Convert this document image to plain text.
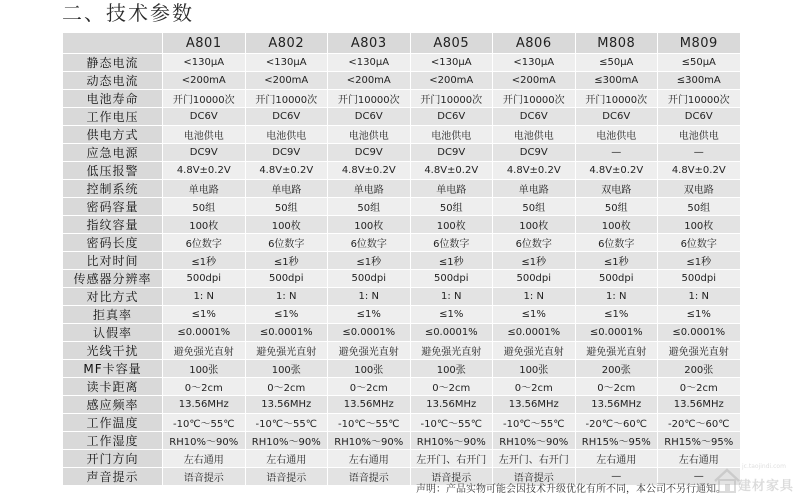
二、技术参数
	A801	A802	A803	A805	A806	M808	M809
静态电流	<130μA	<130μA	<130μA	<130μA	<130μA	≤50μA	≤50μA
动态电流	<200mA	<200mA	<200mA	<200mA	<200mA	≤300mA	≤300mA
电池寿命	开门10000次	开门10000次	开门10000次	开门10000次	开门10000次	开门10000次	开门10000次
工作电压	DC6V	DC6V	DC6V	DC6V	DC6V	DC6V	DC6V
供电方式	电池供电	电池供电	电池供电	电池供电	电池供电	电池供电	电池供电
应急电源	DC9V	DC9V	DC9V	DC9V	DC9V	—	—
低压报警	4.8V±0.2V	4.8V±0.2V	4.8V±0.2V	4.8V±0.2V	4.8V±0.2V	4.8V±0.2V	4.8V±0.2V
控制系统	单电路	单电路	单电路	单电路	单电路	双电路	双电路
密码容量	50组	50组	50组	50组	50组	50组	50组
指纹容量	100枚	100枚	100枚	100枚	100枚	100枚	100枚
密码长度	6位数字	6位数字	6位数字	6位数字	6位数字	6位数字	6位数字
比对时间	≤1秒	≤1秒	≤1秒	≤1秒	≤1秒	≤1秒	≤1秒
传感器分辨率	500dpi	500dpi	500dpi	500dpi	500dpi	500dpi	500dpi
对比方式	1: N	1: N	1: N	1: N	1: N	1: N	1: N
拒真率	≤1%	≤1%	≤1%	≤1%	≤1%	≤1%	≤1%
认假率	≤0.0001%	≤0.0001%	≤0.0001%	≤0.0001%	≤0.0001%	≤0.0001%	≤0.0001%
光线干扰	避免强光直射	避免强光直射	避免强光直射	避免强光直射	避免强光直射	避免强光直射	避免强光直射
MF卡容量	100张	100张	100张	100张	100张	200张	200张
读卡距离	0～2cm	0～2cm	0～2cm	0～2cm	0～2cm	0～2cm	0～2cm
感应频率	13.56MHz	13.56MHz	13.56MHz	13.56MHz	13.56MHz	13.56MHz	13.56MHz
工作温度	-10℃～55℃	-10℃～55℃	-10℃～55℃	-10℃～55℃	-10℃～55℃	-20℃～60℃	-20℃～60℃
工作湿度	RH10%～90%	RH10%～90%	RH10%～90%	RH10%～90%	RH10%～90%	RH15%～95%	RH15%～95%
开门方向	左右通用	左右通用	左右通用	左开门、右开门	左开门、右开门	左右通用	左右通用
声音提示	语音提示	语音提示	语音提示	语音提示	语音提示	—	—

声明：产品实物可能会因技术升级优化有所不同，本公司不另行通知。

jc.taojindi.com
建材家具
